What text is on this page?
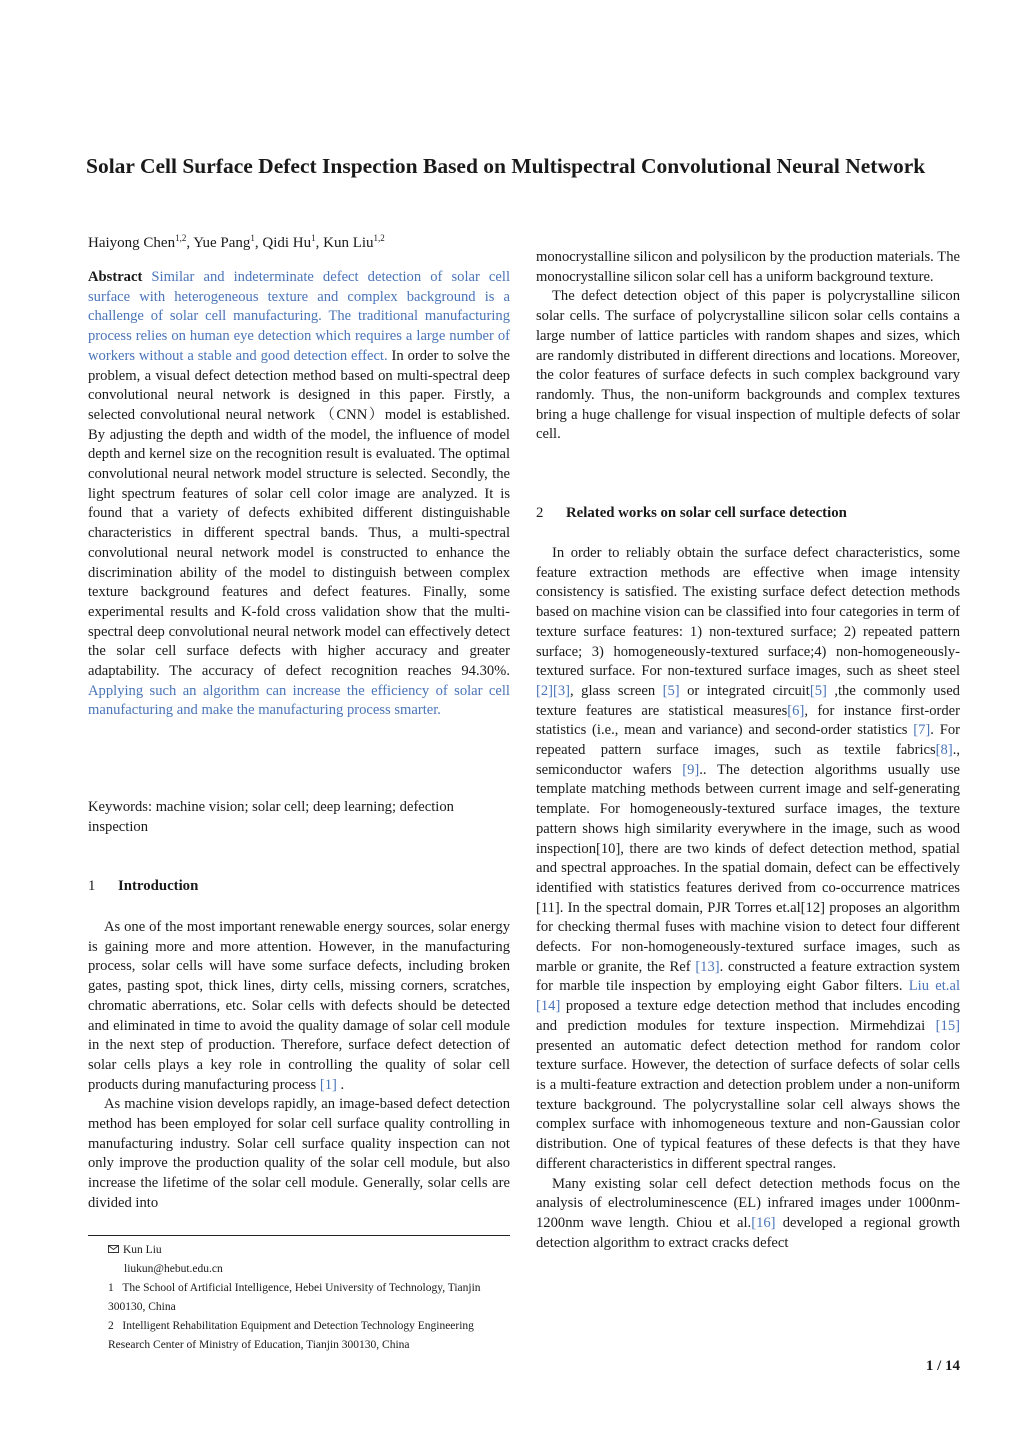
Solar Cell Surface Defect Inspection Based on Multispectral Convolutional Neural Network

Haiyong Chen$^{1,2}$, Yue Pang$^1$, Qidi Hu$^1$, Kun Liu$^{1,2}$

Abstract Similar and indeterminate defect detection of solar cell surface with heterogeneous texture and complex background is a challenge of solar cell manufacturing. The traditional manufacturing process relies on human eye detection which requires a large number of workers without a stable and good detection effect. In order to solve the problem, a visual defect detection method based on multi-spectral deep convolutional neural network is designed in this paper. Firstly, a selected convolutional neural network （CNN）model is established. By adjusting the depth and width of the model, the influence of model depth and kernel size on the recognition result is evaluated. The optimal convolutional neural network model structure is selected. Secondly, the light spectrum features of solar cell color image are analyzed. It is found that a variety of defects exhibited different distinguishable characteristics in different spectral bands. Thus, a multi-spectral convolutional neural network model is constructed to enhance the discrimination ability of the model to distinguish between complex texture background features and defect features. Finally, some experimental results and K-fold cross validation show that the multi-spectral deep convolutional neural network model can effectively detect the solar cell surface defects with higher accuracy and greater adaptability. The accuracy of defect recognition reaches 94.30%. Applying such an algorithm can increase the efficiency of solar cell manufacturing and make the manufacturing process smarter.

Keywords: machine vision; solar cell; deep learning; defection inspection

1 Introduction

As one of the most important renewable energy sources, solar energy is gaining more and more attention. However, in the manufacturing process, solar cells will have some surface defects, including broken gates, pasting spot, thick lines, dirty cells, missing corners, scratches, chromatic aberrations, etc. Solar cells with defects should be detected and eliminated in time to avoid the quality damage of solar cell module in the next step of production. Therefore, surface defect detection of solar cells plays a key role in controlling the quality of solar cell products during manufacturing process [1] .

As machine vision develops rapidly, an image-based defect detection method has been employed for solar cell surface quality controlling in manufacturing industry. Solar cell surface quality inspection can not only improve the production quality of the solar cell module, but also increase the lifetime of the solar cell module. Generally, solar cells are divided into

Kun Liu

liukun@hebut.edu.cn

1 The School of Artificial Intelligence, Hebei University of Technology, Tianjin 300130, China

2 Intelligent Rehabilitation Equipment and Detection Technology Engineering Research Center of Ministry of Education, Tianjin 300130, China

monocrystalline silicon and polysilicon by the production materials. The monocrystalline silicon solar cell has a uniform background texture.

The defect detection object of this paper is polycrystalline silicon solar cells. The surface of polycrystalline silicon solar cells contains a large number of lattice particles with random shapes and sizes, which are randomly distributed in different directions and locations. Moreover, the color features of surface defects in such complex background vary randomly. Thus, the non-uniform backgrounds and complex textures bring a huge challenge for visual inspection of multiple defects of solar cell.

2 Related works on solar cell surface detection

In order to reliably obtain the surface defect characteristics, some feature extraction methods are effective when image intensity consistency is satisfied. The existing surface defect detection methods based on machine vision can be classified into four categories in term of texture surface features: 1) non-textured surface; 2) repeated pattern surface; 3) homogeneously-textured surface;4) non-homogeneously-textured surface. For non-textured surface images, such as sheet steel [2][3], glass screen [5] or integrated circuit[5] ,the commonly used texture features are statistical measures[6], for instance first-order statistics (i.e., mean and variance) and second-order statistics [7]. For repeated pattern surface images, such as textile fabrics[8]., semiconductor wafers [9].. The detection algorithms usually use template matching methods between current image and self-generating template. For homogeneously-textured surface images, the texture pattern shows high similarity everywhere in the image, such as wood inspection[10], there are two kinds of defect detection method, spatial and spectral approaches. In the spatial domain, defect can be effectively identified with statistics features derived from co-occurrence matrices [11]. In the spectral domain, PJR Torres et.al[12] proposes an algorithm for checking thermal fuses with machine vision to detect four different defects. For non-homogeneously-textured surface images, such as marble or granite, the Ref [13]. constructed a feature extraction system for marble tile inspection by employing eight Gabor filters. Liu et.al [14] proposed a texture edge detection method that includes encoding and prediction modules for texture inspection. Mirmehdizai [15] presented an automatic defect detection method for random color texture surface. However, the detection of surface defects of solar cells is a multi-feature extraction and detection problem under a non-uniform texture background. The polycrystalline solar cell always shows the complex surface with inhomogeneous texture and non-Gaussian color distribution. One of typical features of these defects is that they have different characteristics in different spectral ranges.

Many existing solar cell defect detection methods focus on the analysis of electroluminescence (EL) infrared images under 1000nm-1200nm wave length. Chiou et al.[16] developed a regional growth detection algorithm to extract cracks defect

1 / 14
